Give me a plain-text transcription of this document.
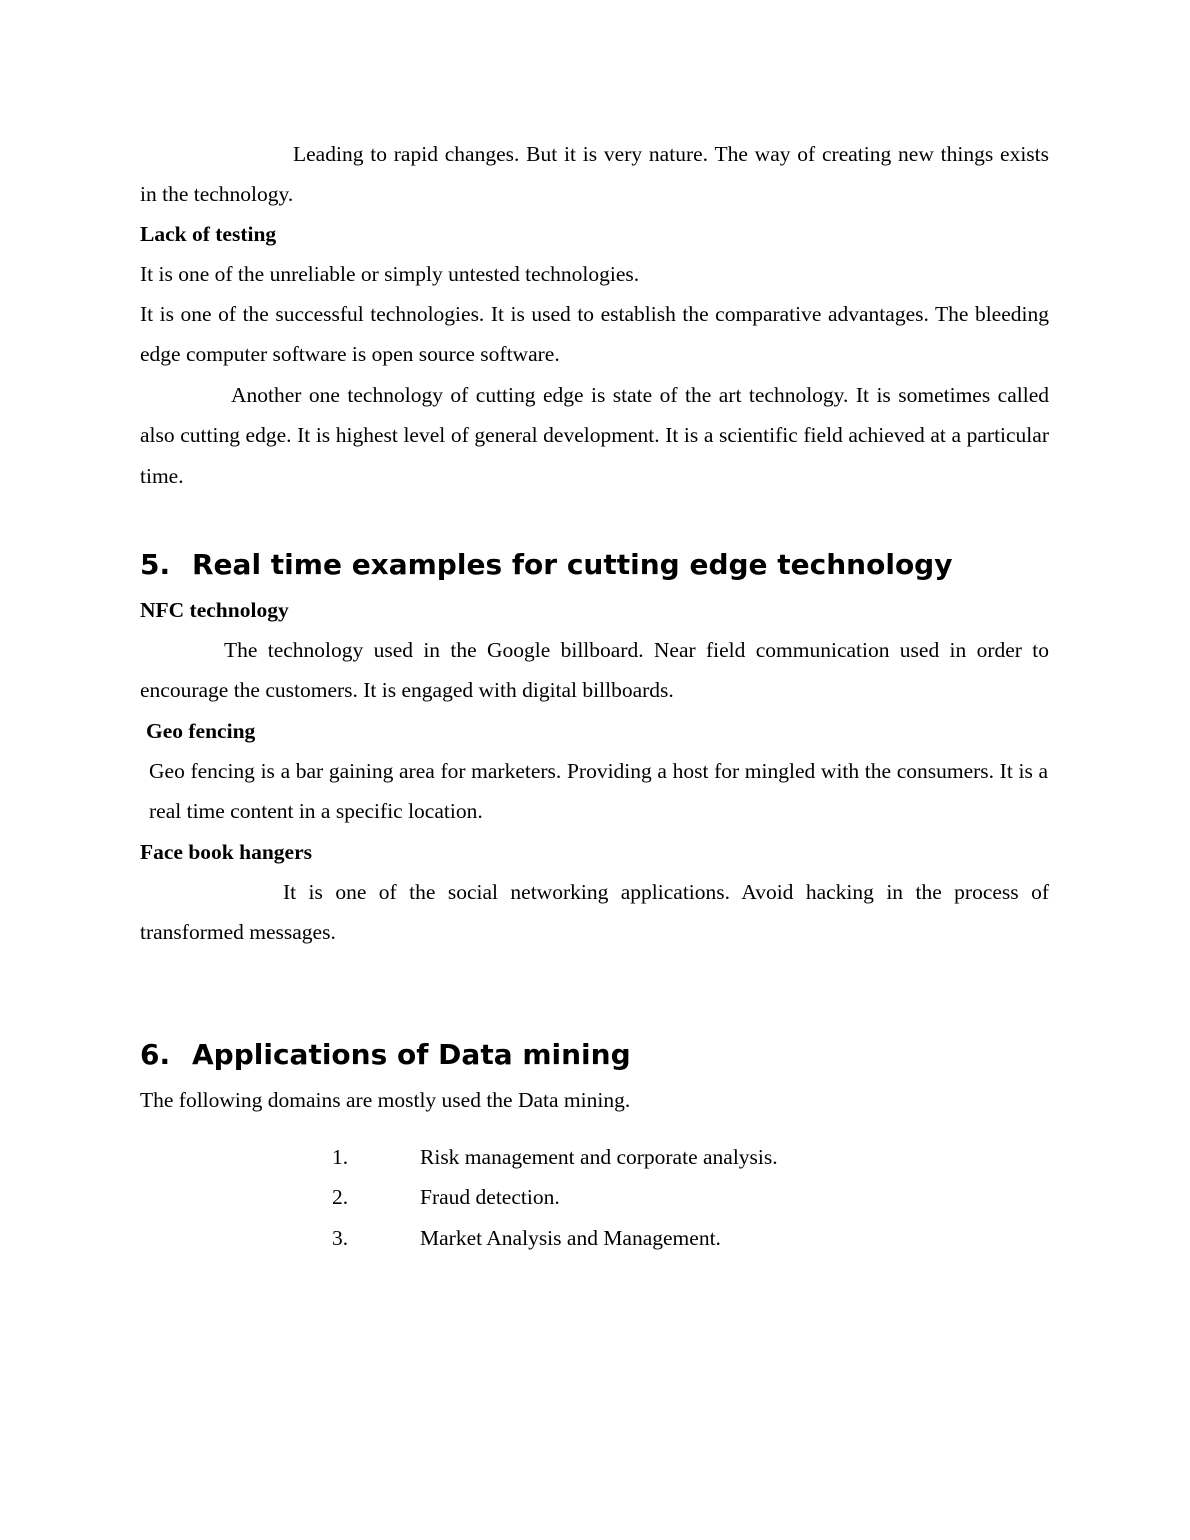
Leading to rapid changes. But it is very nature. The way of creating new things exists in the technology.

Lack of testing

It is one of the unreliable or simply untested technologies.

It is one of the successful technologies. It is used to establish the comparative advantages. The bleeding edge computer software is open source software.

Another one technology of cutting edge is state of the art technology. It is sometimes called also cutting edge. It is highest level of general development. It is a scientific field achieved at a particular time.

5. Real time examples for cutting edge technology

NFC technology

The technology used in the Google billboard. Near field communication used in order to encourage the customers. It is engaged with digital billboards.

Geo fencing

Geo fencing is a bar gaining area for marketers. Providing a host for mingled with the consumers. It is a real time content in a specific location.

Face book hangers

It is one of the social networking applications. Avoid hacking in the process of transformed messages.

6. Applications of Data mining

The following domains are mostly used the Data mining.

1.	Risk management and corporate analysis.
2.	Fraud detection.
3.	Market Analysis and Management.
